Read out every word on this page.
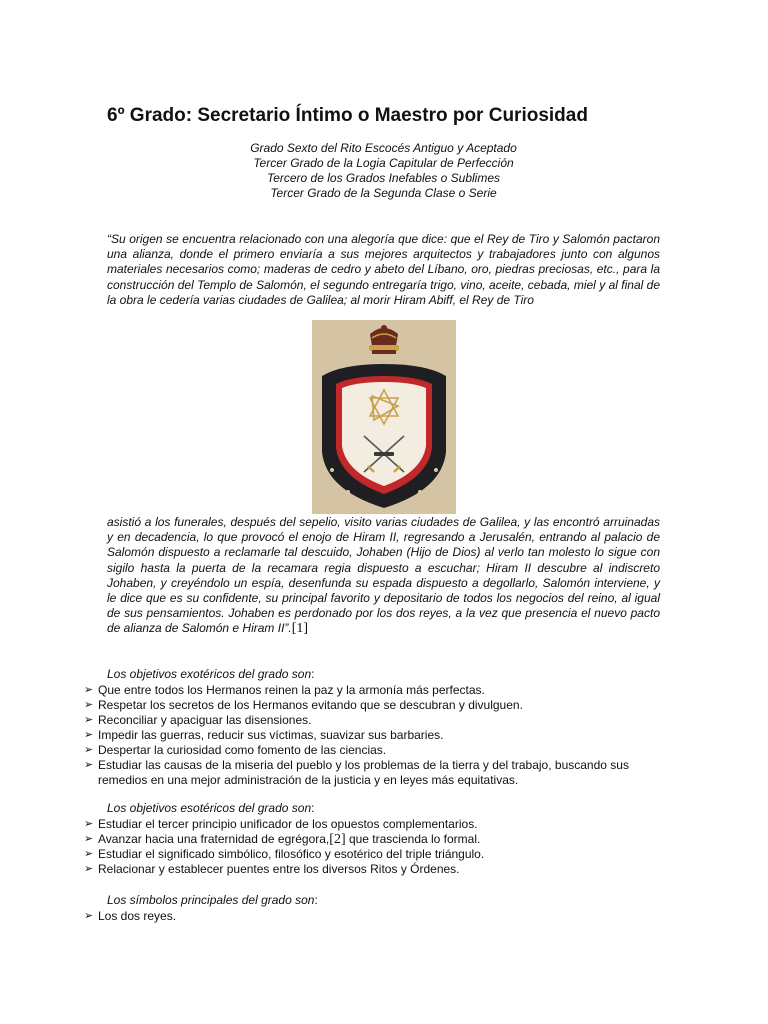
6º Grado: Secretario Íntimo o Maestro por Curiosidad
Grado Sexto del Rito Escocés Antiguo y Aceptado
Tercer Grado de la Logia Capitular de Perfección
Tercero de los Grados Inefables o Sublimes
Tercer Grado de la Segunda Clase o Serie

“Su origen se encuentra relacionado con una alegoría que dice: que el Rey de Tiro y Salomón pactaron una alianza, donde el primero enviaría a sus mejores arquitectos y trabajadores junto con algunos materiales necesarios como; maderas de cedro y abeto del Líbano, oro, piedras preciosas, etc., para la construcción del Templo de Salomón, el segundo entregaría trigo, vino, aceite, cebada, miel y al final de la obra le cedería varias ciudades de Galilea; al morir Hiram Abiff, el Rey de Tiro

asistió a los funerales, después del sepelio, visito varias ciudades de Galilea, y las encontró arruinadas y en decadencia, lo que provocó el enojo de Hiram II, regresando a Jerusalén, entrando al palacio de Salomón dispuesto a reclamarle tal descuido, Johaben (Hijo de Dios) al verlo tan molesto lo sigue con sigilo hasta la puerta de la recamara regia dispuesto a escuchar; Hiram II descubre al indiscreto Johaben, y creyéndolo un espía, desenfunda su espada dispuesto a degollarlo, Salomón interviene, y le dice que es su confidente, su principal favorito y depositario de todos los negocios del reino, al igual de sus pensamientos. Johaben es perdonado por los dos reyes, a la vez que presencia el nuevo pacto de alianza de Salomón e Hiram II”.[1]

Los objetivos exotéricos del grado son:

➢ Que entre todos los Hermanos reinen la paz y la armonía más perfectas.
➢ Respetar los secretos de los Hermanos evitando que se descubran y divulguen.
➢ Reconciliar y apaciguar las disensiones.
➢ Impedir las guerras, reducir sus víctimas, suavizar sus barbaries.
➢ Despertar la curiosidad como fomento de las ciencias.
➢ Estudiar las causas de la miseria del pueblo y los problemas de la tierra y del trabajo, buscando sus remedios en una mejor administración de la justicia y en leyes más equitativas.

Los objetivos esotéricos del grado son:

➢ Estudiar el tercer principio unificador de los opuestos complementarios.
➢ Avanzar hacia una fraternidad de egrégora,[2] que trascienda lo formal.
➢ Estudiar el significado simbólico, filosófico y esotérico del triple triángulo.
➢ Relacionar y establecer puentes entre los diversos Ritos y Órdenes.

Los símbolos principales del grado son:

➢ Los dos reyes.
